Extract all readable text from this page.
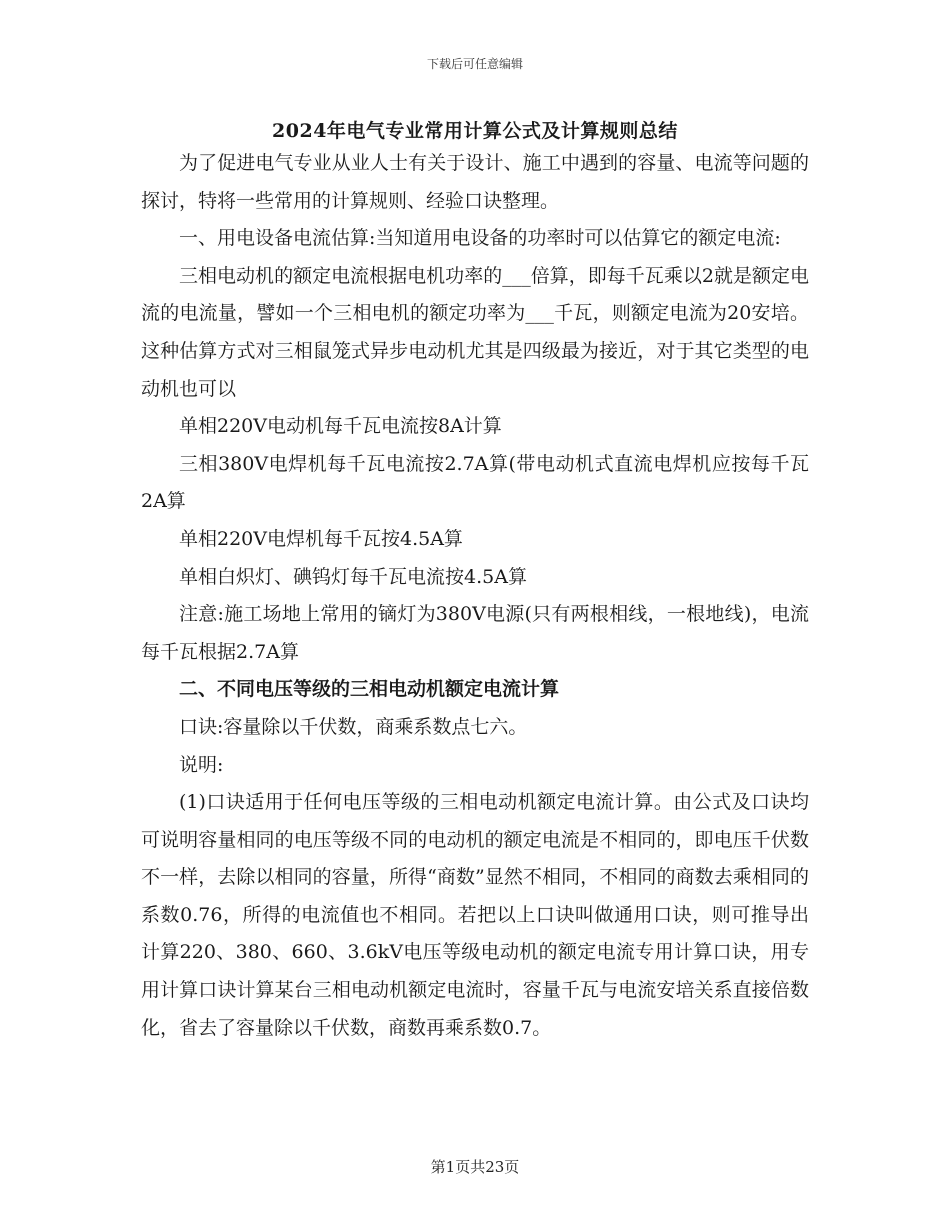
下载后可任意编辑
2024年电气专业常用计算公式及计算规则总结

为了促进电气专业从业人士有关于设计、施工中遇到的容量、电流等问题的探讨，特将一些常用的计算规则、经验口诀整理。

一、用电设备电流估算:当知道用电设备的功率时可以估算它的额定电流:

三相电动机的额定电流根据电机功率的___倍算，即每千瓦乘以2就是额定电流的电流量，譬如一个三相电机的额定功率为___千瓦，则额定电流为20安培。这种估算方式对三相鼠笼式异步电动机尤其是四级最为接近，对于其它类型的电动机也可以

单相220V电动机每千瓦电流按8A计算

三相380V电焊机每千瓦电流按2.7A算(带电动机式直流电焊机应按每千瓦2A算

单相220V电焊机每千瓦按4.5A算

单相白炽灯、碘钨灯每千瓦电流按4.5A算

注意:施工场地上常用的镝灯为380V电源(只有两根相线，一根地线)，电流每千瓦根据2.7A算

二、不同电压等级的三相电动机额定电流计算

口诀:容量除以千伏数，商乘系数点七六。

说明:

(1)口诀适用于任何电压等级的三相电动机额定电流计算。由公式及口诀均可说明容量相同的电压等级不同的电动机的额定电流是不相同的，即电压千伏数不一样，去除以相同的容量，所得“商数”显然不相同，不相同的商数去乘相同的系数0.76，所得的电流值也不相同。若把以上口诀叫做通用口诀，则可推导出计算220、380、660、3.6kV电压等级电动机的额定电流专用计算口诀，用专用计算口诀计算某台三相电动机额定电流时，容量千瓦与电流安培关系直接倍数化，省去了容量除以千伏数，商数再乘系数0.7。

第1页共23页
